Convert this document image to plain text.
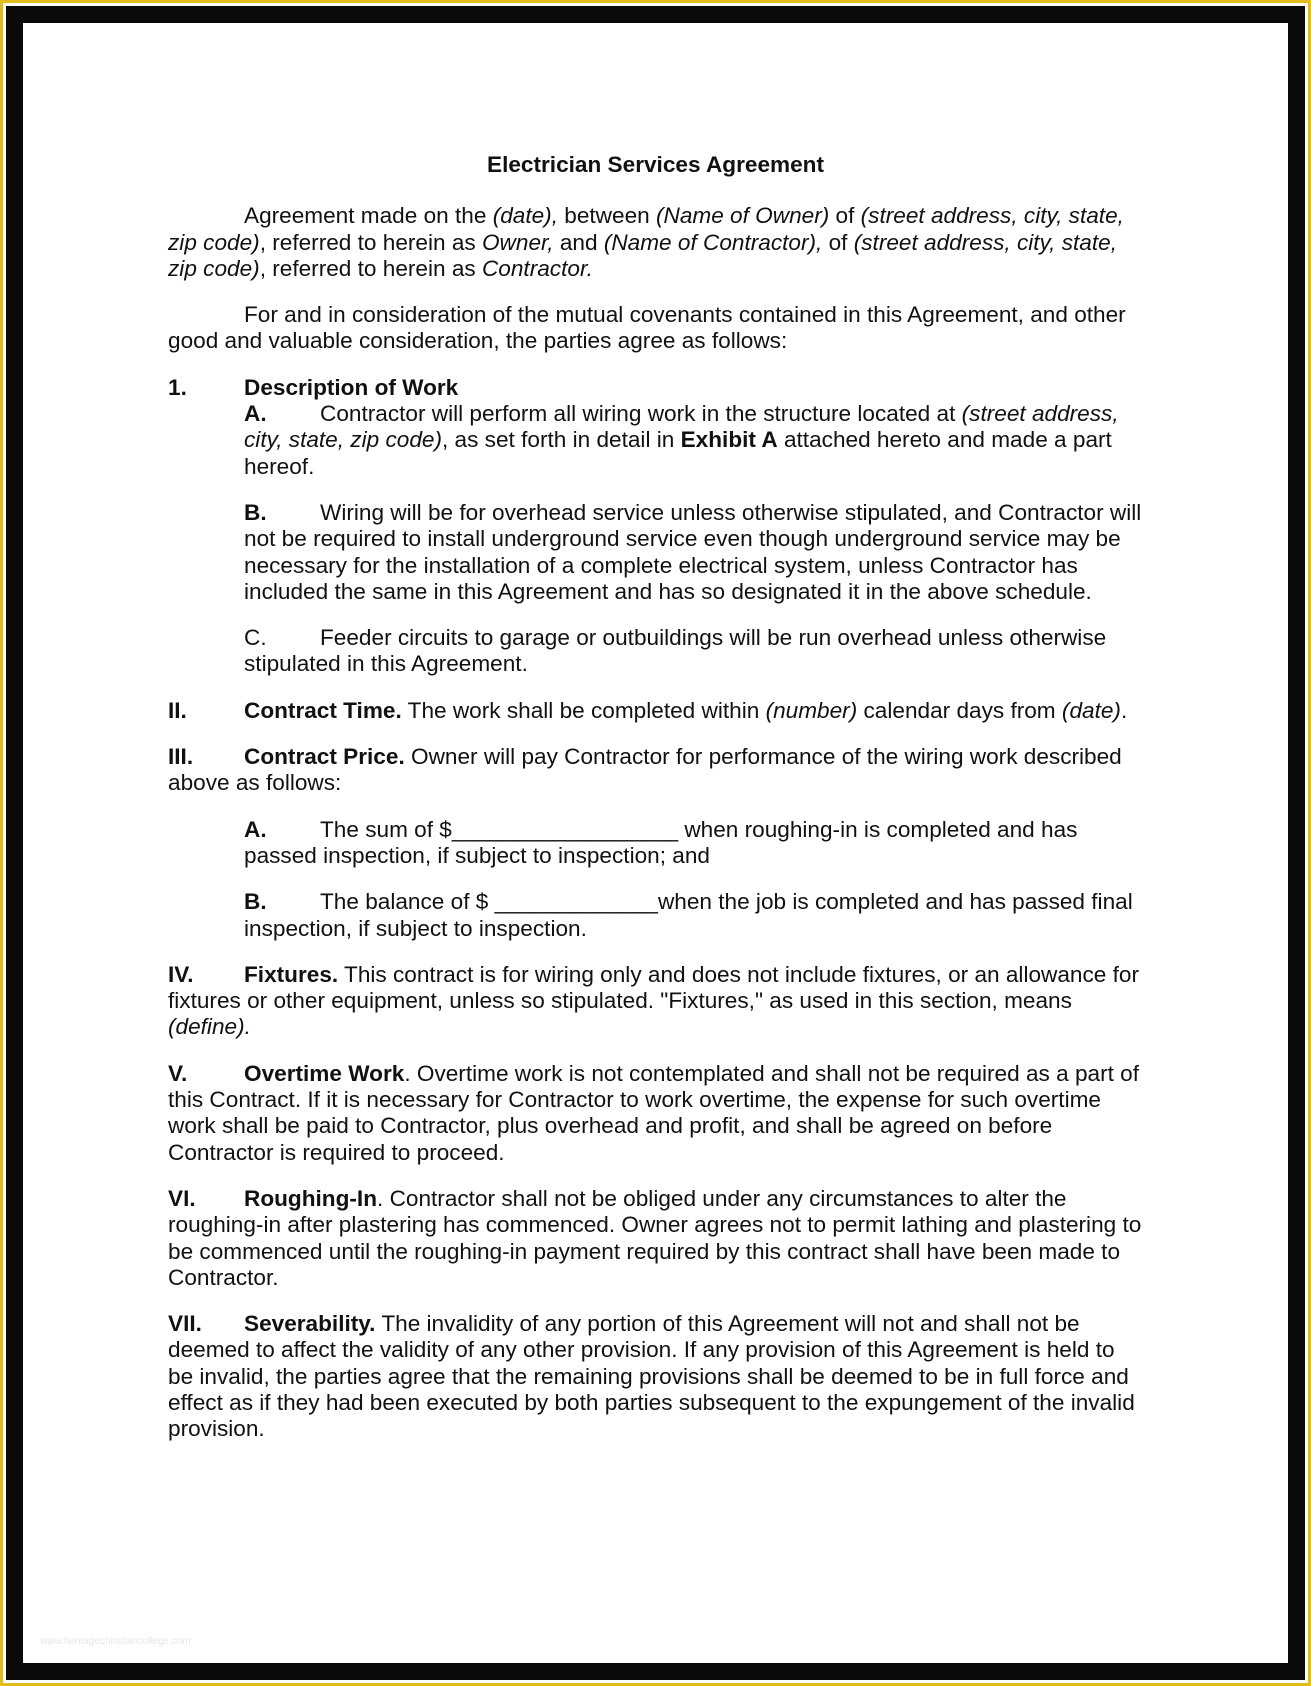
Electrician Services Agreement

Agreement made on the (date), between (Name of Owner) of (street address, city, state, zip code), referred to herein as Owner, and (Name of Contractor), of (street address, city, state, zip code), referred to herein as Contractor.

For and in consideration of the mutual covenants contained in this Agreement, and other good and valuable consideration, the parties agree as follows:

1.	Description of Work

A. Contractor will perform all wiring work in the structure located at (street address, city, state, zip code), as set forth in detail in Exhibit A attached hereto and made a part hereof.

B. Wiring will be for overhead service unless otherwise stipulated, and Contractor will not be required to install underground service even though underground service may be necessary for the installation of a complete electrical system, unless Contractor has included the same in this Agreement and has so designated it in the above schedule.

C. Feeder circuits to garage or outbuildings will be run overhead unless otherwise stipulated in this Agreement.

II.	Contract Time. The work shall be completed within (number) calendar days from (date).

III. Contract Price. Owner will pay Contractor for performance of the wiring work described above as follows:

A. The sum of $__________________ when roughing-in is completed and has passed inspection, if subject to inspection; and

B. The balance of $ _____________when the job is completed and has passed final inspection, if subject to inspection.

IV. Fixtures. This contract is for wiring only and does not include fixtures, or an allowance for fixtures or other equipment, unless so stipulated. "Fixtures," as used in this section, means (define).

V.	Overtime Work. Overtime work is not contemplated and shall not be required as a part of this Contract. If it is necessary for Contractor to work overtime, the expense for such overtime work shall be paid to Contractor, plus overhead and profit, and shall be agreed on before Contractor is required to proceed.

VI. Roughing-In. Contractor shall not be obliged under any circumstances to alter the roughing-in after plastering has commenced. Owner agrees not to permit lathing and plastering to be commenced until the roughing-in payment required by this contract shall have been made to Contractor.

VII. Severability. The invalidity of any portion of this Agreement will not and shall not be deemed to affect the validity of any other provision. If any provision of this Agreement is held to be invalid, the parties agree that the remaining provisions shall be deemed to be in full force and effect as if they had been executed by both parties subsequent to the expungement of the invalid provision.

www.heritagechristiancollege.com
